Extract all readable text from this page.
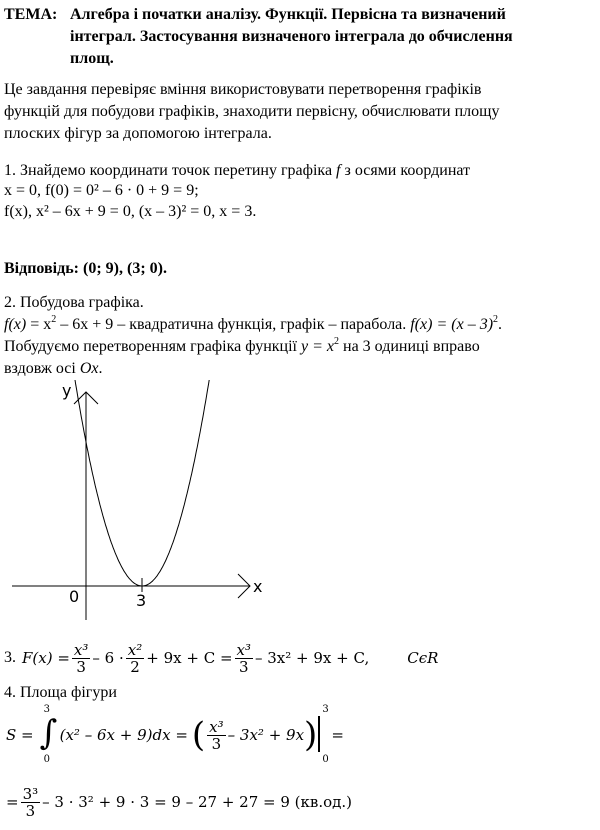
ТЕМА: Алгебра і початки аналізу. Функції. Первісна та визначений
інтеграл. Застосування визначеного інтеграла до обчислення
площ.
Це завдання перевіряє вміння використовувати перетворення графіків
функцій для побудови графіків, знаходити первісну, обчислювати площу
плоских фігур за допомогою інтеграла.
1. Знайдемо координати точок перетину графіка f з осями координат
x = 0, f(0) = 0² – 6 · 0 + 9 = 9;
f(x), x² – 6x + 9 = 0, (x – 3)² = 0, x = 3.
Відповідь: (0; 9), (3; 0).
2. Побудова графіка.
$f(x) = x^2 - 6x + 9$ – квадратична функція, графік – парабола. f(x) = (x – 3)$^2$.
Побудуємо перетворенням графіка функції $y = x^2$ на 3 одиниці вправо
вздовж осі Ox.
y
x
0	3
3. $F(x) = \frac{\text{x³}}{3} - 6 \cdot \frac{\text{x²}}{2} + 9x + C = \frac{\text{x³}}{3} - 3x^2 + 9x + C$,	CϵR
4. Площа фігури
S =
3
∫
0
(x² – 6x + 9)dx = ( $\frac{\text{x³}}{3} - 3x^2 + 9x$ )
3
0
=
= $\frac{\text{3³}}{3} - 3 \cdot 3^2 + 9 \cdot 3 = 9 - 27 + 27 = 9$ (кв.од.)
